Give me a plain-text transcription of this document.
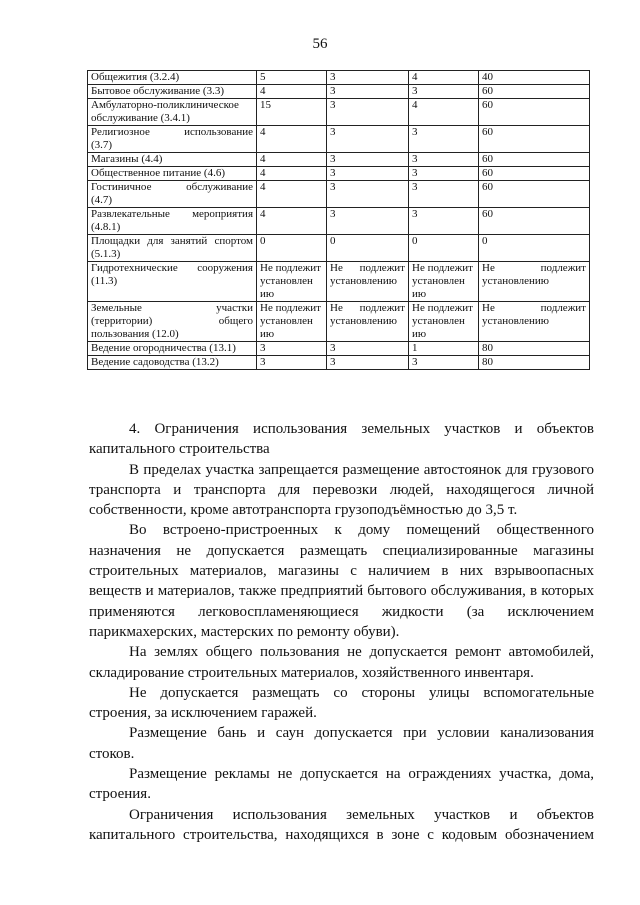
56
Общежития (3.2.4)	5	3	4	40

Бытовое обслуживание (3.3)	4	3	3	60

Амбулаторно-поликлиническое
обслуживание (3.4.1)	15	3	4	60

Религиозное использование
(3.7)	4	3	3	60

Магазины (4.4)	4	3	3	60

Общественное питание (4.6)	4	3	3	60

Гостиничное обслуживание
(4.7)	4	3	3	60

Развлекательные мероприятия
(4.8.1)	4	3	3	60

Площадки для занятий спортом
(5.1.3)	0	0	0	0

Гидротехнические сооружения
(11.3)	Не подлежит установлен ию	Не подлежит установлению	Не подлежит установлен ию	Не подлежит установлению

Земельные участки
(территории) общего
пользования (12.0)	Не подлежит установлен ию	Не подлежит установлению	Не подлежит установлен ию	Не подлежит установлению

Ведение огородничества (13.1)	3	3	1	80

Ведение садоводства (13.2)	3	3	3	80

4. Ограничения использования земельных участков и объектов капитального строительства

В пределах участка запрещается размещение автостоянок для грузового транспорта и транспорта для перевозки людей, находящегося личной собственности, кроме автотранспорта грузоподъёмностью до 3,5 т.

Во встроено-пристроенных к дому помещений общественного назначения не допускается размещать специализированные магазины строительных материалов, магазины с наличием в них взрывоопасных веществ и материалов, также предприятий бытового обслуживания, в которых применяются легковоспламеняющиеся жидкости (за исключением парикмахерских, мастерских по ремонту обуви).

На землях общего пользования не допускается ремонт автомобилей, складирование строительных материалов, хозяйственного инвентаря.

Не допускается размещать со стороны улицы вспомогательные строения, за исключением гаражей.

Размещение бань и саун допускается при условии канализования стоков.

Размещение рекламы не допускается на ограждениях участка, дома, строения.

Ограничения использования земельных участков и объектов капитального строительства, находящихся в зоне с кодовым обозначением
